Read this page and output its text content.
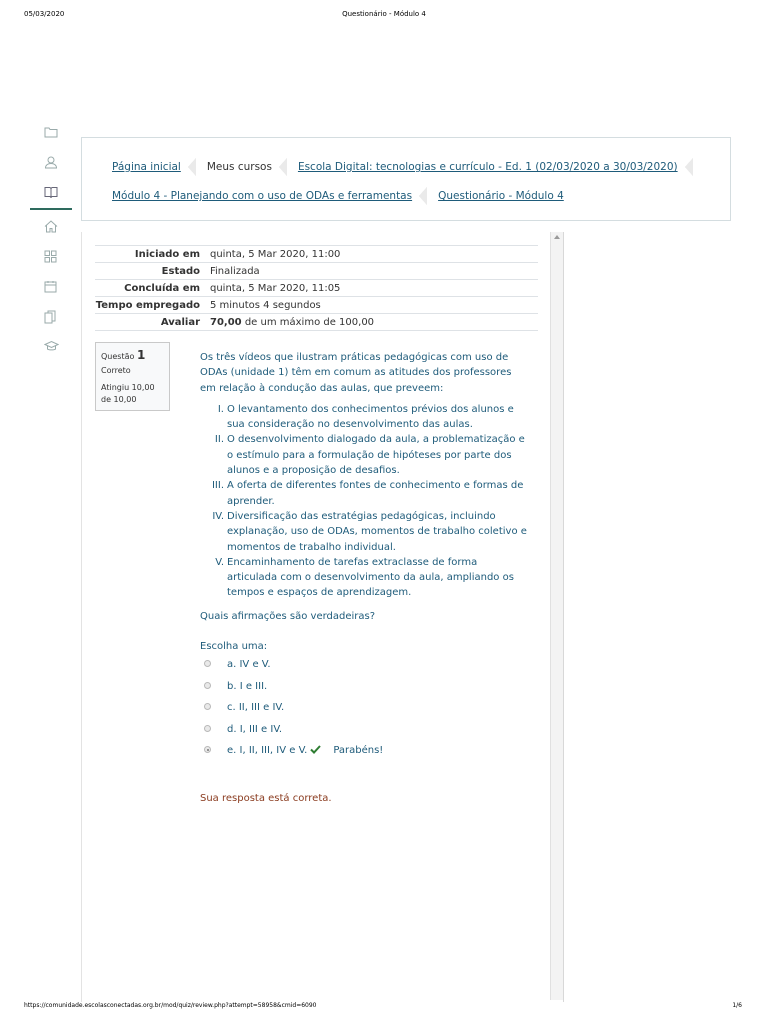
05/03/2020	Questionário - Módulo 4
https://comunidade.escolasconectadas.org.br/mod/quiz/review.php?attempt=58958&cmid=6090	1/6
Página inicial Meus cursos Escola Digital: tecnologias e currículo - Ed. 1 (02/03/2020 a 30/03/2020)
Módulo 4 - Planejando com o uso de ODAs e ferramentas Questionário - Módulo 4
Iniciado em	quinta, 5 Mar 2020, 11:00
Estado	Finalizada
Concluída em	quinta, 5 Mar 2020, 11:05
Tempo empregado	5 minutos 4 segundos
Avaliar	70,00 de um máximo de 100,00
Questão 1
Correto
Atingiu 10,00 de 10,00

Os três vídeos que ilustram práticas pedagógicas com uso de ODAs (unidade 1) têm em comum as atitudes dos professores em relação à condução das aulas, que preveem:

I. O levantamento dos conhecimentos prévios dos alunos e sua consideração no desenvolvimento das aulas.
II. O desenvolvimento dialogado da aula, a problematização e o estímulo para a formulação de hipóteses por parte dos alunos e a proposição de desafios.
III. A oferta de diferentes fontes de conhecimento e formas de aprender.
IV. Diversificação das estratégias pedagógicas, incluindo explanação, uso de ODAs, momentos de trabalho coletivo e momentos de trabalho individual.
V. Encaminhamento de tarefas extraclasse de forma articulada com o desenvolvimento da aula, ampliando os tempos e espaços de aprendizagem.
Quais afirmações são verdadeiras?
Escolha uma:
a. IV e V.
b. I e III.
c. II, III e IV.
d. I, III e IV.
e. I, II, III, IV e V.	Parabéns!
Sua resposta está correta.
